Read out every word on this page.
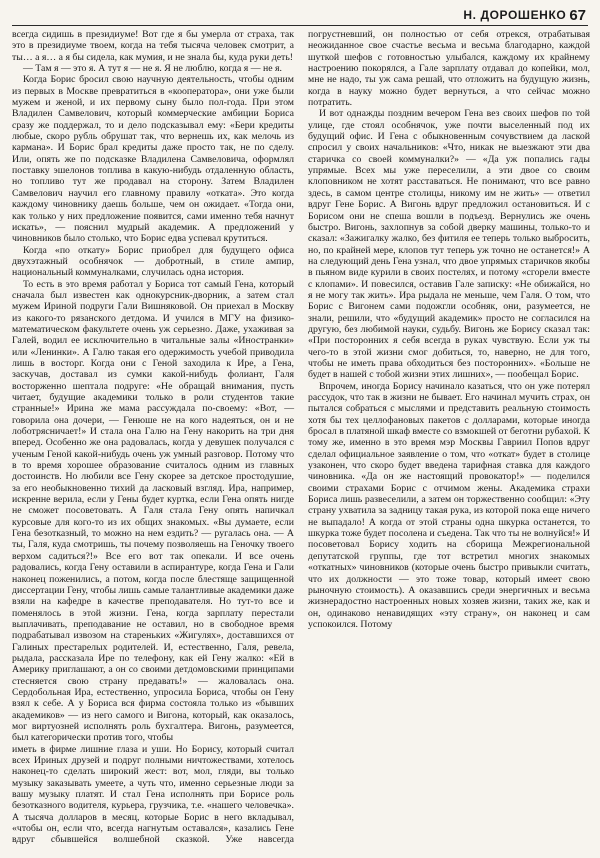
Н. ДОРОШЕНКО 67

всегда сидишь в президиуме! Вот где я бы умерла от страха, так это в президиуме твоем, когда на тебя тысяча человек смотрит, а ты… а я… а я бы сидела, как мумия, и не знала бы, куда руки деть!

— Там я — это я. А тут я — не я. Я не люблю, когда я — не я.

Когда Борис бросил свою научную деятельность, чтобы одним из первых в Москве превратиться в «кооператора», они уже были мужем и женой, и их первому сыну было пол-года. При этом Владилен Самвелович, который коммерческие амбиции Бориса сразу же поддержал, то и дело подсказывал ему: «Бери кредиты любые, скоро рубль обрушат так, что вернешь их, как мелочь из кармана». И Борис брал кредиты даже просто так, не по сделу. Или, опять же по подсказке Владилена Самвеловича, оформлял поставку эшелонов топлива в какую-нибудь отдаленную область, но топливо тут же продавал на сторону. Затем Владилен Самвелович научил его главному правилу «отката». Это когда каждому чиновнику даешь больше, чем он ожидает. «Тогда они, как только у них предложение появится, сами именно тебя начнут искать», — пояснил мудрый академик. А предложений у чиновников было столько, что Борис едва успевал крутиться.

Когда «по откату» Борис приобрел для будущего офиса двухэтажный особнячок — добротный, в стиле ампир, национальный коммуналками, случилась одна история.

То есть в это время работал у Бориса тот самый Гена, который сначала был известен как однокурсник-дворник, а затем стал мужем Ириной подруги Гали Вишняковой. Он приехал в Москву из какого-то рязанского детдома. И учился в МГУ на физико-математическом факультете очень уж серьезно. Даже, ухаживая за Галей, водил ее исключительно в читальные залы «Иностранки» или «Ленинки». А Галю такая его одержимость учебой приводила лишь в восторг. Когда они с Геной заходила к Ире, а Гена, заскучав, доставал из сумки какой-нибудь фолиант, Галя восторженно шептала подруге: «Не обращай внимания, пусть читает, будущие академики только в роли студентов такие странные!» Ирина же мама рассуждала по-своему: «Вот, — говорила она дочери, — Генюше не на кого надеяться, он и не лоботрясничает!» И стала она Галю на Гену накорить на три дня вперед. Особенно же она радовалась, когда у девушек получался с ученым Геной какой-нибудь очень уж умный разговор. Потому что в то время хорошее образование считалось одним из главных достоинств. Но любили все Гену скорее за детское простодушие, за его необыкновенно тихий да ласковый взгляд. Ира, например, искренне верила, если у Гены будет куртка, если Гена опять нигде не сможет посоветовать. А Галя стала Гену опять напичкал курсовые для кого-то из их общих знакомых. «Вы думаете, если Гена безотказный, то можно на нем ездить? — ругалась она. — А ты, Галя, куда смотришь, ты почему позволяешь на Геночку твоего верхом садиться?!» Все его вот так опекали. И все очень радовались, когда Гену оставили в аспирантуре, когда Гена и Гали наконец поженились, а потом, когда после блестяще защищенной диссертации Гену, чтобы лишь самые талантливые академики даже взяли на кафедре в качестве преподавателя. Но тут-то все и поменялось в этой жизни. Гена, когда зарплату перестали выплачивать, преподавание не оставил, но в свободное время подрабатывал извозом на стареньких «Жигулях», доставшихся от Галиных престарелых родителей. И, естественно, Галя, ревела, рыдала, рассказала Ире по телефону, как ей Гену жалко: «Ей в Америку приглашают, а он со своими детдомовскими принципами стесняется свою страну предавать!» — жаловалась она. Сердобольная Ира, естественно, упросила Бориса, чтобы он Гену взял к себе. А у Бориса вся фирма состояла только из «бывших академиков» — из него самого и Вигона, который, как оказалось, мог виртуозней исполнять роль бухгалтера. Вигонь, разумеется, был категорически против того, чтобы

иметь в фирме лишние глаза и уши. Но Борису, который считал всех Ириных друзей и подруг полными ничтожествами, хотелось наконец-то сделать широкий жест: вот, мол, гляди, вы только музыку заказывать умеете, а чуть что, именно серьезные люди за вашу музыку платят. И стал Гена исполнять при Борисе роль безотказного водителя, курьера, грузчика, т.е. «нашего человечка». А тысяча долларов в месяц, которые Борис в него вкладывал, «чтобы он, если что, всегда нагнутым оставался», казались Гене вдруг сбывшейся волшебной сказкой. Уже навсегда погрустневший, он полностью от себя отрекся, отрабатывая неожиданное свое счастье весьма и весьма благодарно, каждой шуткой шефов с готовностью улыбался, каждому их крайнему настроению покорялся, а Гале зарплату отдавал до копейки, мол, мне не надо, ты уж сама решай, что отложить на будущую жизнь, когда в науку можно будет вернуться, а что сейчас можно потратить.

И вот однажды поздним вечером Гена вез своих шефов по той улице, где стоял особнячок, уже почти выселенный под их будущий офис. И Гена с обыкновенным сочувствием да лаской спросил у своих начальников: «Что, никак не выезжают эти два старичка со своей коммуналки?» — «Да уж попались гады упрямые. Всех мы уже переселили, а эти двое со своим клоповником не хотят расставаться. Не понимают, что все равно здесь, в самом центре столицы, никому им не жить» — ответил вдруг Гене Борис. А Вигонь вдруг предложил остановиться. И с Борисом они не спеша вошли в подъезд. Вернулись же очень быстро. Вигонь, захлопнув за собой дверку машины, только-то и сказал: «Зажигалку жалко, без фитиля ее теперь только выбросить, но, по крайней мере, клопов тут теперь уж точно не останется!» А на следующий день Гена узнал, что двое упрямых старичков якобы в пьяном виде курили в своих постелях, и потому «сгорели вместе с клопами». И повесился, оставив Гале записку: «Не обижайся, но я не могу так жить». Ира рыдала не меньше, чем Галя. О том, что Борис с Вигонем сами подожгли особняк, они, разумеется, не знали, решили, что «будущий академик» просто не согласился на другую, без любимой науки, судьбу. Вигонь же Борису сказал так: «При посторонних я себя всегда в руках чувствую. Если уж ты чего-то в этой жизни смог добиться, то, наверно, не для того, чтобы не иметь права обходиться без посторонних». «Больше не будет в нашей с тобой жизни этих лишних», — пообещал Борис.

Впрочем, иногда Борису начинало казаться, что он уже потерял рассудок, что так в жизни не бывает. Его начинал мучить страх, он пытался собраться с мыслями и представить реальную стоимость хотя бы тех целлофановых пакетов с долларами, которые иногда бросал в платяной шкаф вместе со взмокшей от беготни рубахой. К тому же, именно в это время мэр Москвы Гавриил Попов вдруг сделал официальное заявление о том, что «откат» будет в столице узаконен, что скоро будет введена тарифная ставка для каждого чиновника. «Да он же настоящий провокатор!» — поделился своими страхами Борис с отчимом жены. Академика страхи Бориса лишь развеселили, а затем он торжественно сообщил: «Эту страну ухватила за задницу такая рука, из которой пока еще ничего не выпадало! А когда от этой страны одна шкурка останется, то шкурка тоже будет посолена и съедена. Так что ты не волнуйся!» И посоветовал Борису ходить на сборища Межрегиональной депутатской группы, где тот встретил многих знакомых «откатных» чиновников (которые очень быстро привыкли считать, что их должности — это тоже товар, который имеет свою рыночную стоимость). А оказавшись среди энергичных и весьма жизнерадостно настроенных новых хозяев жизни, таких же, как и он, одинаково ненавидящих «эту страну», он наконец и сам успокоился. Потому
